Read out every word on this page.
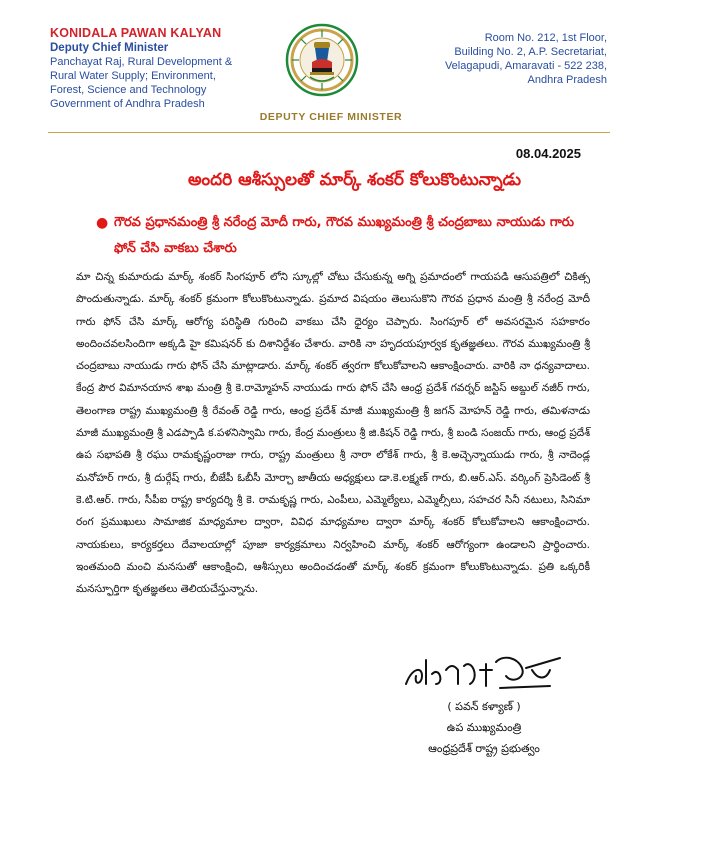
KONIDALA PAWAN KALYAN
Deputy Chief Minister
Panchayat Raj, Rural Development &
Rural Water Supply; Environment,
Forest, Science and Technology
Government of Andhra Pradesh
DEPUTY CHIEF MINISTER
Room No. 212, 1st Floor,
Building No. 2, A.P. Secretariat,
Velagapudi, Amaravati - 522 238,
Andhra Pradesh
08.04.2025
అందరి ఆశీస్సులతో మార్క్ శంకర్ కోలుకొంటున్నాడు
● గౌరవ ప్రధానమంత్రి శ్రీ నరేంద్ర మోదీ గారు, గౌరవ ముఖ్యమంత్రి శ్రీ చంద్రబాబు నాయుడు గారు ఫోన్ చేసి వాకబు చేశారు
మా చిన్న కుమారుడు మార్క్ శంకర్ సింగపూర్ లోని స్కూల్లో చోటు చేసుకున్న అగ్ని ప్రమాదంలో గాయపడి ఆసుపత్రిలో చికిత్స పొందుతున్నాడు. మార్క్ శంకర్ క్రమంగా కోలుకొంటున్నాడు. ప్రమాద విషయం తెలుసుకొని గౌరవ ప్రధాన మంత్రి శ్రీ నరేంద్ర మోదీ గారు ఫోన్ చేసి మార్క్ ఆరోగ్య పరిస్థితి గురించి వాకబు చేసి ధైర్యం చెప్పారు. సింగపూర్ లో అవసరమైన సహకారం అందించవలసిందిగా అక్కడి హై కమిషనర్ కు దిశానిర్దేశం చేశారు. వారికి నా హృదయపూర్వక కృతజ్ఞతలు. గౌరవ ముఖ్యమంత్రి శ్రీ చంద్రబాబు నాయుడు గారు ఫోన్ చేసి మాట్లాడారు. మార్క్ శంకర్ త్వరగా కోలుకోవాలని ఆకాంక్షించారు. వారికి నా ధన్యవాదాలు. కేంద్ర పౌర విమానయాన శాఖ మంత్రి శ్రీ కె.రామ్మోహన్ నాయుడు గారు ఫోన్ చేసి ఆంధ్ర ప్రదేశ్ గవర్నర్ జస్టిస్ అబ్దుల్ నజీర్ గారు, తెలంగాణ రాష్ట్ర ముఖ్యమంత్రి శ్రీ రేవంత్ రెడ్డి గారు, ఆంధ్ర ప్రదేశ్ మాజీ ముఖ్యమంత్రి శ్రీ జగన్ మోహన్ రెడ్డి గారు, తమిళనాడు మాజీ ముఖ్యమంత్రి శ్రీ ఎడప్పాడి క.పళనిస్వామి గారు, కేంద్ర మంత్రులు శ్రీ జి.కిషన్ రెడ్డి గారు, శ్రీ బండి సంజయ్ గారు, ఆంధ్ర ప్రదేశ్ ఉప సభాపతి శ్రీ రఘు రామకృష్ణంరాజు గారు, రాష్ట్ర మంత్రులు శ్రీ నారా లోకేశ్ గారు, శ్రీ కె.అచ్చెన్నాయుడు గారు, శ్రీ నాదెండ్ల మనోహర్ గారు, శ్రీ దుర్గేష్ గారు, బీజేపీ ఓబీసీ మోర్చా జాతీయ అధ్యక్షులు డా.కె.లక్ష్మణ్ గారు, బి.ఆర్.ఎస్. వర్కింగ్ ప్రెసిడెంట్ శ్రీ కె.టి.ఆర్. గారు, సీపీఐ రాష్ట్ర కార్యదర్శి శ్రీ కె. రామకృష్ణ గారు, ఎంపీలు, ఎమ్మెల్యేలు, ఎమ్మెల్సీలు, సహచర సినీ నటులు, సినిమా రంగ ప్రముఖులు సామాజిక మాధ్యమాల ద్వారా, వివిధ మాధ్యమాల ద్వారా మార్క్ శంకర్ కోలుకోవాలని ఆకాంక్షించారు. నాయకులు, కార్యకర్తలు దేవాలయాల్లో పూజా కార్యక్రమాలు నిర్వహించి మార్క్ శంకర్ ఆరోగ్యంగా ఉండాలని ప్రార్థించారు. ఇంతమంది మంచి మనసుతో ఆకాంక్షించి, ఆశీస్సులు అందించడంతో మార్క్ శంకర్ క్రమంగా కోలుకొంటున్నాడు. ప్రతి ఒక్కరికీ మనస్ఫూర్తిగా కృతజ్ఞతలు తెలియచేస్తున్నాను.
( పవన్ కళ్యాణ్ )
ఉప ముఖ్యమంత్రి
ఆంధ్రప్రదేశ్ రాష్ట్ర ప్రభుత్వం
